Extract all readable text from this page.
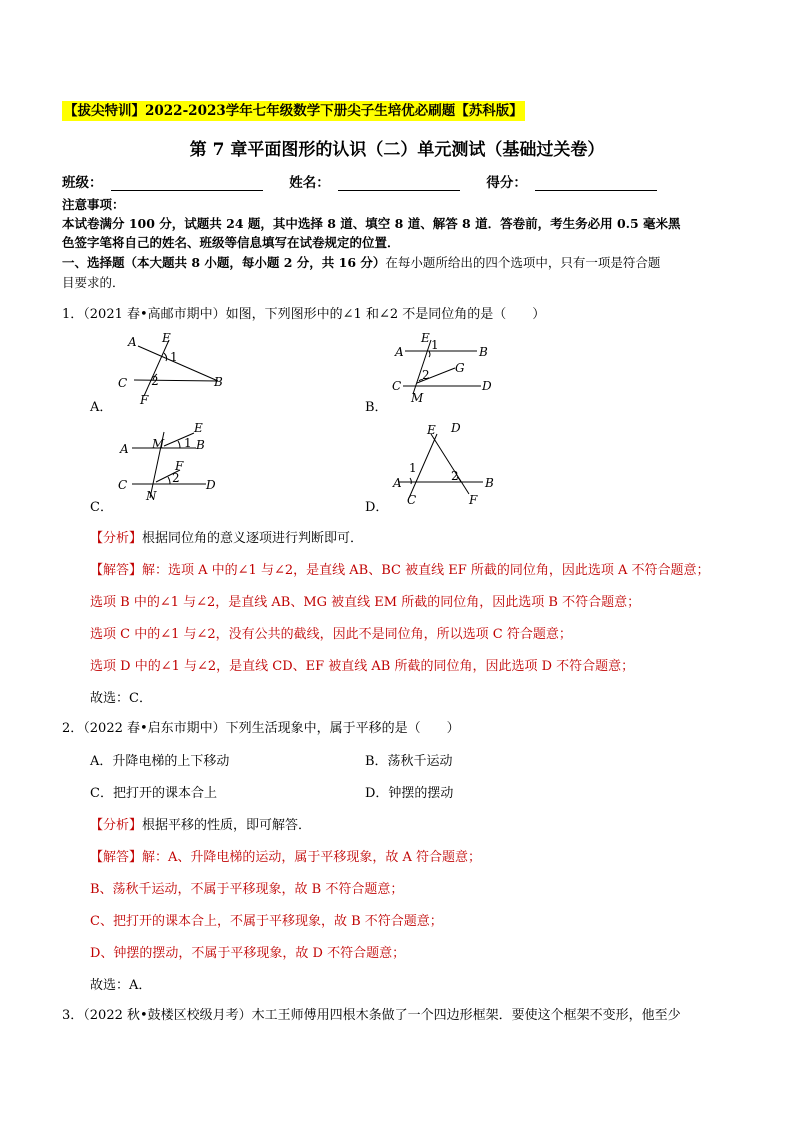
【拔尖特训】2022-2023学年七年级数学下册尖子生培优必刷题【苏科版】
第 7 章平面图形的认识（二）单元测试（基础过关卷）
班级：	姓名：	得分：
注意事项：
本试卷满分 100 分，试题共 24 题，其中选择 8 道、填空 8 道、解答 8 道．答卷前，考生务必用 0.5 毫米黑
色签字笔将自己的姓名、班级等信息填写在试卷规定的位置．
一、选择题（本大题共 8 小题，每小题 2 分，共 16 分）在每小题所给出的四个选项中，只有一项是符合题
目要求的．
1．（2021 春•高邮市期中）如图，下列图形中的∠1 和∠2 不是同位角的是（　　）
A．
A E
1
C 2	B
F	B．
E
A	B
1
G
2
C	D
M
C．
E
A M 1 B
F
2
C	D
N
D．
E D
1
2
A	B
C	F
【分析】根据同位角的意义逐项进行判断即可．
【解答】解：选项 A 中的∠1 与∠2，是直线 AB、BC 被直线 EF 所截的同位角，因此选项 A 不符合题意；
选项 B 中的∠1 与∠2，是直线 AB、MG 被直线 EM 所截的同位角，因此选项 B 不符合题意；
选项 C 中的∠1 与∠2，没有公共的截线，因此不是同位角，所以选项 C 符合题意；
选项 D 中的∠1 与∠2，是直线 CD、EF 被直线 AB 所截的同位角，因此选项 D 不符合题意；
故选：C．
2．（2022 春•启东市期中）下列生活现象中，属于平移的是（　　）
A．升降电梯的上下移动	B．荡秋千运动
C．把打开的课本合上	D．钟摆的摆动
【分析】根据平移的性质，即可解答．
【解答】解：A、升降电梯的运动，属于平移现象，故 A 符合题意；
B、荡秋千运动，不属于平移现象，故 B 不符合题意；
C、把打开的课本合上，不属于平移现象，故 B 不符合题意；
D、钟摆的摆动，不属于平移现象，故 D 不符合题意；
故选：A．
3．（2022 秋•鼓楼区校级月考）木工王师傅用四根木条做了一个四边形框架．要使这个框架不变形，他至少
